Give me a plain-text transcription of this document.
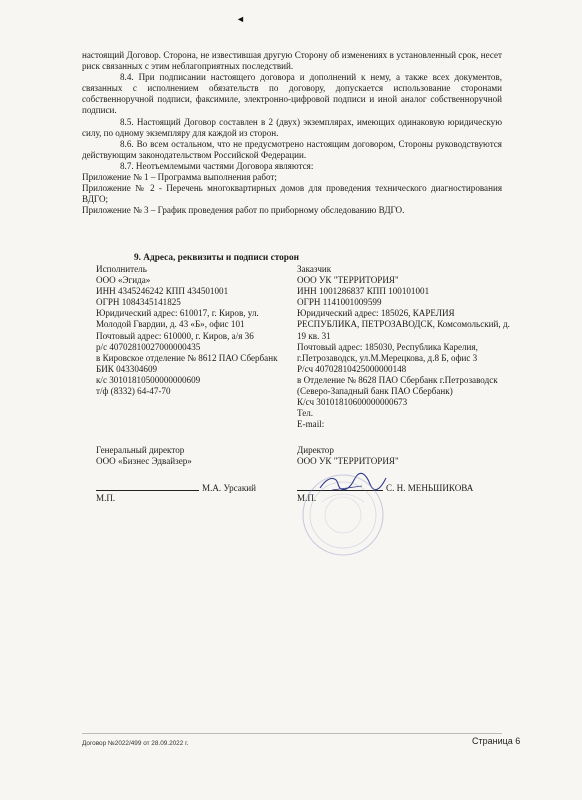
◄

настоящий Договор. Сторона, не известившая другую Сторону об изменениях в установленный срок, несет риск связанных с этим неблагоприятных последствий.

8.4. При подписании настоящего договора и дополнений к нему, а также всех документов, связанных с исполнением обязательств по договору, допускается использование сторонами собственноручной подписи, факсимиле, электронно-цифровой подписи и иной аналог собственноручной подписи.

8.5. Настоящий Договор составлен в 2 (двух) экземплярах, имеющих одинаковую юридическую силу, по одному экземпляру для каждой из сторон.

8.6. Во всем остальном, что не предусмотрено настоящим договором, Стороны руководствуются действующим законодательством Российской Федерации.

8.7. Неотъемлемыми частями Договора являются:

Приложение № 1 – Программа выполнения работ;

Приложение № 2 - Перечень многоквартирных домов для проведения технического диагностирования ВДГО;

Приложение № 3 – График проведения работ по приборному обследованию ВДГО.

9. Адреса, реквизиты и подписи сторон
Исполнитель
ООО «Эгида»
ИНН 4345246242 КПП 434501001
ОГРН 1084345141825
Юридический адрес: 610017, г. Киров, ул. Молодой Гвардии, д. 43 «Б», офис 101
Почтовый адрес: 610000, г. Киров, а/я 36
р/с 40702810027000000435
в Кировское отделение № 8612 ПАО Сбербанк
БИК 043304609
к/с 30101810500000000609
т/ф (8332) 64-47-70
Заказчик
ООО УК "ТЕРРИТОРИЯ"
ИНН 1001286837 КПП 100101001
ОГРН 1141001009599
Юридический адрес: 185026, КАРЕЛИЯ РЕСПУБЛИКА, ПЕТРОЗАВОДСК, Комсомольский, д. 19 кв. 31
Почтовый адрес: 185030, Республика Карелия, г.Петрозаводск, ул.М.Мерецкова, д.8 Б, офис 3
Р/сч 40702810425000000148
в Отделение № 8628 ПАО Сбербанк г.Петрозаводск (Северо-Западный банк ПАО Сбербанк)
К/сч 30101810600000000673
Тел.
E-mail:
Генеральный директор
ООО «Бизнес Эдвайзер»
Директор
ООО УК "ТЕРРИТОРИЯ"
М.А. Урсакий
М.П.
С. Н. МЕНЬШИКОВА
М.П.
Договор №2022/499 от 28.09.2022 г.	Страница 6
